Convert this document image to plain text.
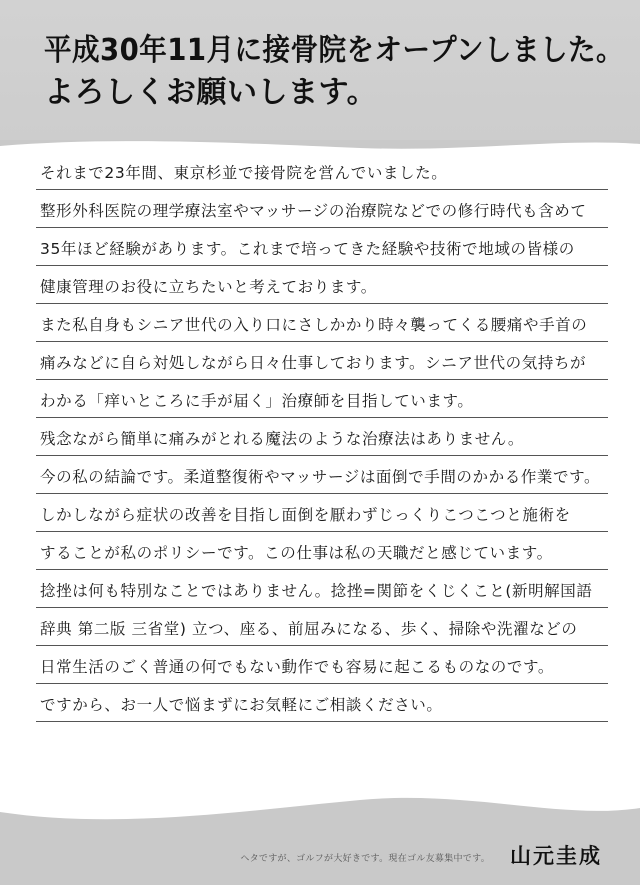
平成30年11月に接骨院をオープンしました。
よろしくお願いします。
それまで23年間、東京杉並で接骨院を営んでいました。
整形外科医院の理学療法室やマッサージの治療院などでの修行時代も含めて
35年ほど経験があります。これまで培ってきた経験や技術で地域の皆様の
健康管理のお役に立ちたいと考えております。
また私自身もシニア世代の入り口にさしかかり時々襲ってくる腰痛や手首の
痛みなどに自ら対処しながら日々仕事しております。シニア世代の気持ちが
わかる「痒いところに手が届く」治療師を目指しています。
残念ながら簡単に痛みがとれる魔法のような治療法はありません。
今の私の結論です。柔道整復術やマッサージは面倒で手間のかかる作業です。
しかしながら症状の改善を目指し面倒を厭わずじっくりこつこつと施術を
することが私のポリシーです。この仕事は私の天職だと感じています。
捻挫は何も特別なことではありません。捻挫=関節をくじくこと(新明解国語
辞典 第二版 三省堂) 立つ、座る、前屈みになる、歩く、掃除や洗濯などの
日常生活のごく普通の何でもない動作でも容易に起こるものなのです。
ですから、お一人で悩まずにお気軽にご相談ください。
ヘタですが、ゴルフが大好きです。現在ゴル友募集中です。 山元圭成
